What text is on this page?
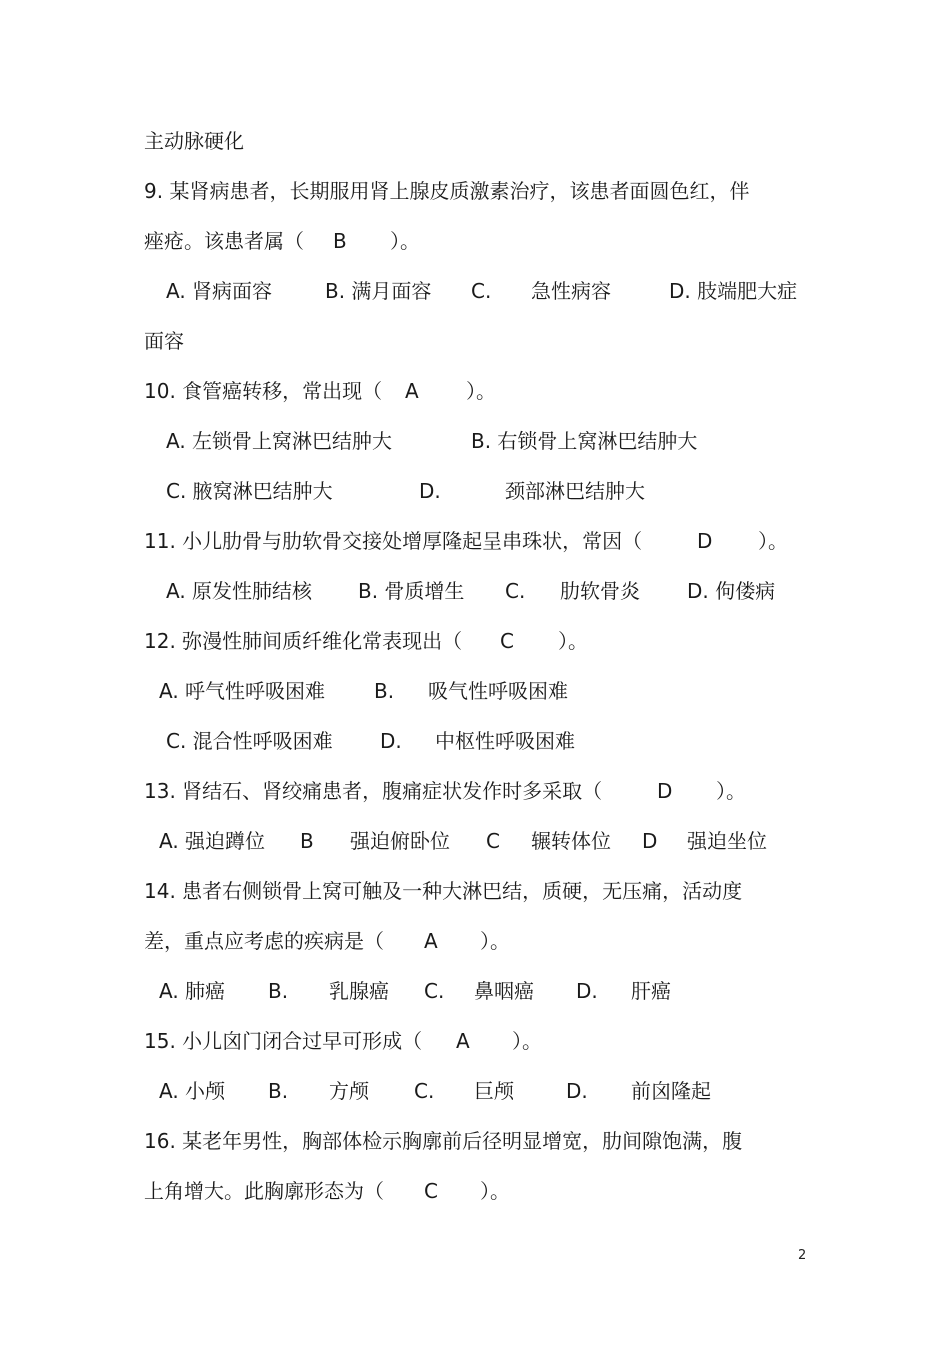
主动脉硬化
9. 某肾病患者，长期服用肾上腺皮质激素治疗，该患者面圆色红，伴
痤疮。该患者属（ B ）。
A. 肾病面容	B. 满月面容 C. 急性病容	D. 肢端肥大症
面容
10. 食管癌转移，常出现（ A ）。
A. 左锁骨上窝淋巴结肿大	B. 右锁骨上窝淋巴结肿大
C. 腋窝淋巴结肿大	D.	颈部淋巴结肿大
11. 小儿肋骨与肋软骨交接处增厚隆起呈串珠状，常因（	D ）。
A. 原发性肺结核 B. 骨质增生 C. 肋软骨炎 D. 佝偻病
12. 弥漫性肺间质纤维化常表现出（ C ）。
A. 呼气性呼吸困难 B. 吸气性呼吸困难
C. 混合性呼吸困难 D. 中枢性呼吸困难
13. 肾结石、肾绞痛患者，腹痛症状发作时多采取（	D ）。
A. 强迫蹲位 B 强迫俯卧位 C 辗转体位 D 强迫坐位
14. 患者右侧锁骨上窝可触及一种大淋巴结，质硬，无压痛，活动度
差，重点应考虑的疾病是（ A ）。
A. 肺癌 B. 乳腺癌 C. 鼻咽癌 D. 肝癌
15. 小儿囟门闭合过早可形成（ A ）。
A. 小颅 B. 方颅 C. 巨颅	D. 前囟隆起
16. 某老年男性，胸部体检示胸廓前后径明显增宽，肋间隙饱满，腹
上角增大。此胸廓形态为（ C ）。
2
